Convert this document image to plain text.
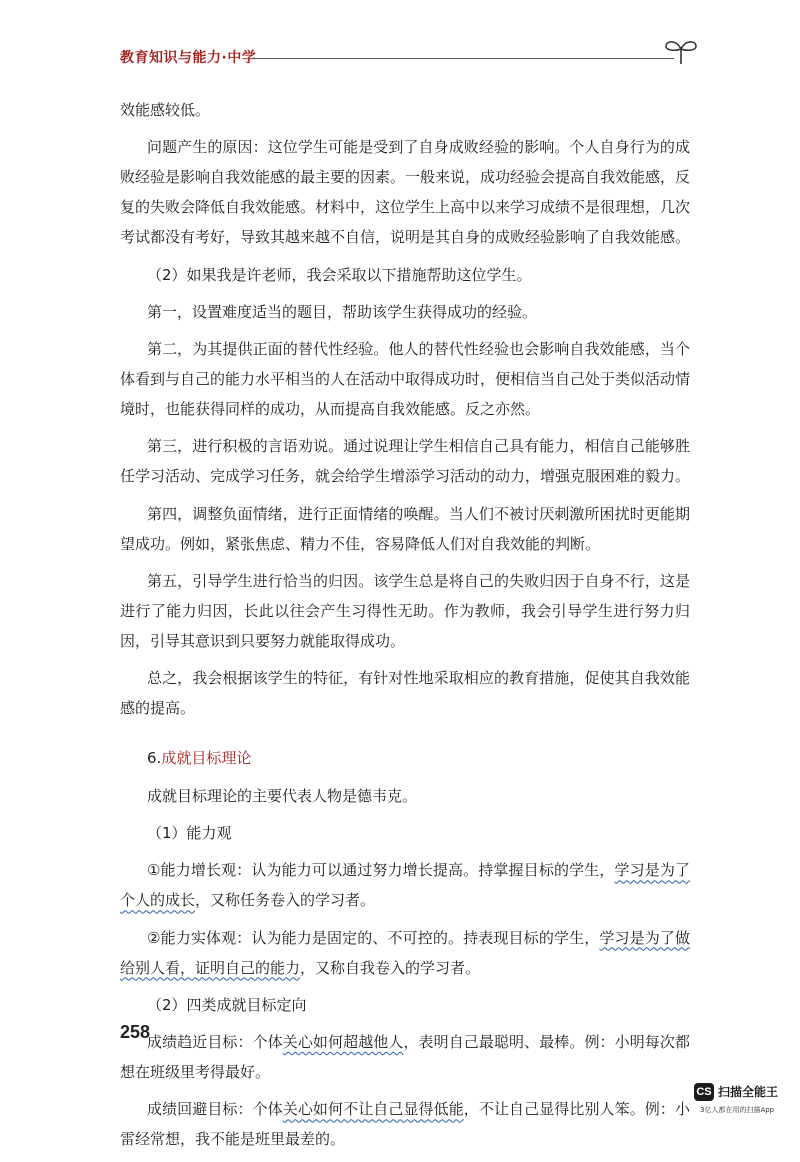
教育知识与能力·中学

效能感较低。

问题产生的原因：这位学生可能是受到了自身成败经验的影响。个人自身行为的成败经验是影响自我效能感的最主要的因素。一般来说，成功经验会提高自我效能感，反复的失败会降低自我效能感。材料中，这位学生上高中以来学习成绩不是很理想，几次考试都没有考好，导致其越来越不自信，说明是其自身的成败经验影响了自我效能感。

（2）如果我是许老师，我会采取以下措施帮助这位学生。

第一，设置难度适当的题目，帮助该学生获得成功的经验。

第二，为其提供正面的替代性经验。他人的替代性经验也会影响自我效能感，当个体看到与自己的能力水平相当的人在活动中取得成功时，便相信当自己处于类似活动情境时，也能获得同样的成功，从而提高自我效能感。反之亦然。

第三，进行积极的言语劝说。通过说理让学生相信自己具有能力，相信自己能够胜任学习活动、完成学习任务，就会给学生增添学习活动的动力，增强克服困难的毅力。

第四，调整负面情绪，进行正面情绪的唤醒。当人们不被讨厌刺激所困扰时更能期望成功。例如，紧张焦虑、精力不佳，容易降低人们对自我效能的判断。

第五，引导学生进行恰当的归因。该学生总是将自己的失败归因于自身不行，这是进行了能力归因，长此以往会产生习得性无助。作为教师，我会引导学生进行努力归因，引导其意识到只要努力就能取得成功。

总之，我会根据该学生的特征，有针对性地采取相应的教育措施，促使其自我效能感的提高。

6.成就目标理论

成就目标理论的主要代表人物是德韦克。

（1）能力观

①能力增长观：认为能力可以通过努力增长提高。持掌握目标的学生，学习是为了个人的成长，又称任务卷入的学习者。

②能力实体观：认为能力是固定的、不可控的。持表现目标的学生，学习是为了做给别人看，证明自己的能力，又称自我卷入的学习者。

（2）四类成就目标定向

成绩趋近目标：个体关心如何超越他人，表明自己最聪明、最棒。例：小明每次都想在班级里考得最好。

成绩回避目标：个体关心如何不让自己显得低能，不让自己显得比别人笨。例：小雷经常想，我不能是班里最差的。

258
CS 扫描全能王
3亿人都在用的扫描App
